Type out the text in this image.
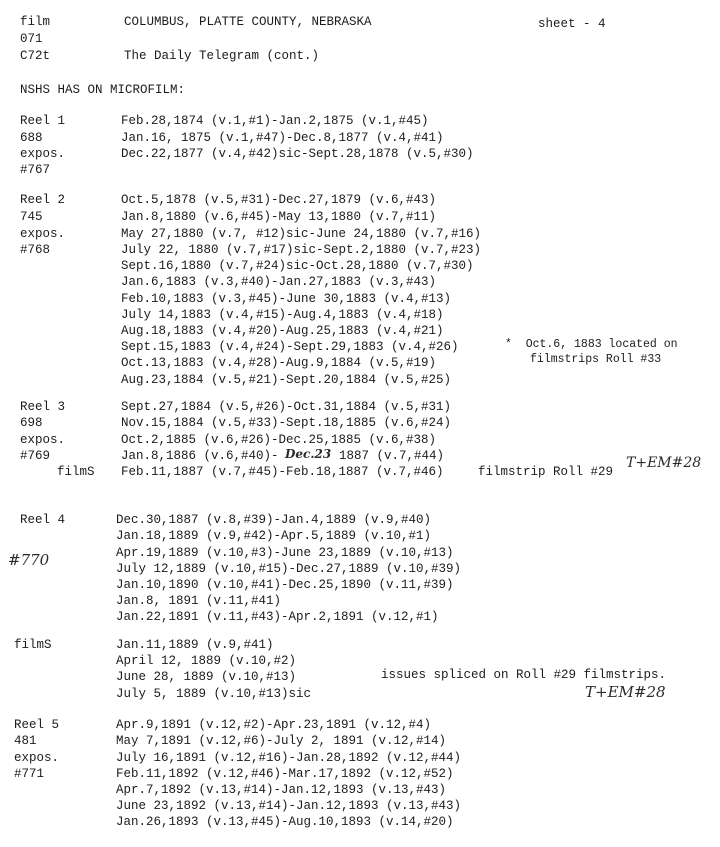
film
071
C72t
COLUMBUS, PLATTE COUNTY, NEBRASKA
The Daily Telegram (cont.)
sheet - 4
NSHS HAS ON MICROFILM:
Reel 1
688
expos.
#767
Feb.28,1874 (v.1,#1)-Jan.2,1875 (v.1,#45)
Jan.16, 1875 (v.1,#47)-Dec.8,1877 (v.4,#41)
Dec.22,1877 (v.4,#42)sic-Sept.28,1878 (v.5,#30)
Reel 2
745
expos.
#768
Oct.5,1878 (v.5,#31)-Dec.27,1879 (v.6,#43)
Jan.8,1880 (v.6,#45)-May 13,1880 (v.7,#11)
May 27,1880 (v.7, #12)sic-June 24,1880 (v.7,#16)
July 22, 1880 (v.7,#17)sic-Sept.2,1880 (v.7,#23)
Sept.16,1880 (v.7,#24)sic-Oct.28,1880 (v.7,#30)
Jan.6,1883 (v.3,#40)-Jan.27,1883 (v.3,#43)
Feb.10,1883 (v.3,#45)-June 30,1883 (v.4,#13)
July 14,1883 (v.4,#15)-Aug.4,1883 (v.4,#18)
Aug.18,1883 (v.4,#20)-Aug.25,1883 (v.4,#21)
Sept.15,1883 (v.4,#24)-Sept.29,1883 (v.4,#26)
Oct.13,1883 (v.4,#28)-Aug.9,1884 (v.5,#19)
Aug.23,1884 (v.5,#21)-Sept.20,1884 (v.5,#25)
*  Oct.6, 1883 located on
filmstrips Roll #33
Reel 3
698
expos.
#769
filmS
Sept.27,1884 (v.5,#26)-Oct.31,1884 (v.5,#31)
Nov.15,1884 (v.5,#33)-Sept.18,1885 (v.6,#24)
Oct.2,1885 (v.6,#26)-Dec.25,1885 (v.6,#38)
Jan.8,1886 (v.6,#40)- Dec.23 1887 (v.7,#44)
Feb.11,1887 (v.7,#45)-Feb.18,1887 (v.7,#46)	filmstrip Roll #29
T+EM#28
Reel 4
#770
Dec.30,1887 (v.8,#39)-Jan.4,1889 (v.9,#40)
Jan.18,1889 (v.9,#42)-Apr.5,1889 (v.10,#1)
Apr.19,1889 (v.10,#3)-June 23,1889 (v.10,#13)
July 12,1889 (v.10,#15)-Dec.27,1889 (v.10,#39)
Jan.10,1890 (v.10,#41)-Dec.25,1890 (v.11,#39)
Jan.8, 1891 (v.11,#41)
Jan.22,1891 (v.11,#43)-Apr.2,1891 (v.12,#1)
filmS	Jan.11,1889 (v.9,#41)
April 12, 1889 (v.10,#2)
June 28, 1889 (v.10,#13)
July 5, 1889 (v.10,#13)sic
issues spliced on Roll #29 filmstrips.
T+EM#28
Reel 5
481
expos.
#771
Apr.9,1891 (v.12,#2)-Apr.23,1891 (v.12,#4)
May 7,1891 (v.12,#6)-July 2, 1891 (v.12,#14)
July 16,1891 (v.12,#16)-Jan.28,1892 (v.12,#44)
Feb.11,1892 (v.12,#46)-Mar.17,1892 (v.12,#52)
Apr.7,1892 (v.13,#14)-Jan.12,1893 (v.13,#43)
June 23,1892 (v.13,#14)-Jan.12,1893 (v.13,#43)
Jan.26,1893 (v.13,#45)-Aug.10,1893 (v.14,#20)
